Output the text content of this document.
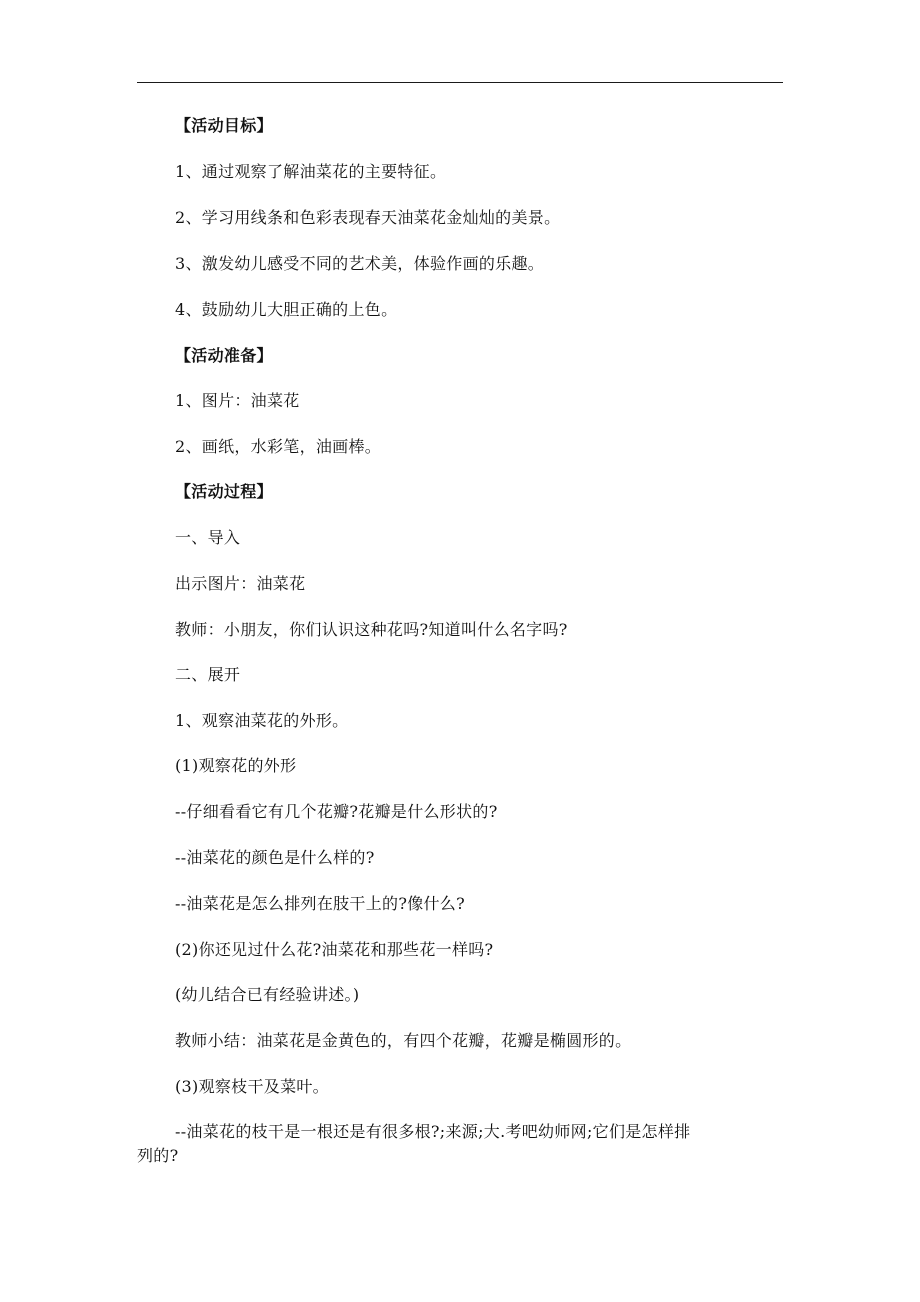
【活动目标】
1、通过观察了解油菜花的主要特征。
2、学习用线条和色彩表现春天油菜花金灿灿的美景。
3、激发幼儿感受不同的艺术美，体验作画的乐趣。
4、鼓励幼儿大胆正确的上色。
【活动准备】
1、图片：油菜花
2、画纸，水彩笔，油画棒。
【活动过程】
一、导入
出示图片：油菜花
教师：小朋友，你们认识这种花吗?知道叫什么名字吗?
二、展开
1、观察油菜花的外形。
(1)观察花的外形
--仔细看看它有几个花瓣?花瓣是什么形状的?
--油菜花的颜色是什么样的?
--油菜花是怎么排列在肢干上的?像什么?
(2)你还见过什么花?油菜花和那些花一样吗?
(幼儿结合已有经验讲述。)
教师小结：油菜花是金黄色的，有四个花瓣，花瓣是椭圆形的。
(3)观察枝干及菜叶。
--油菜花的枝干是一根还是有很多根?;来源;大.考吧幼师网;它们是怎样排
列的?
